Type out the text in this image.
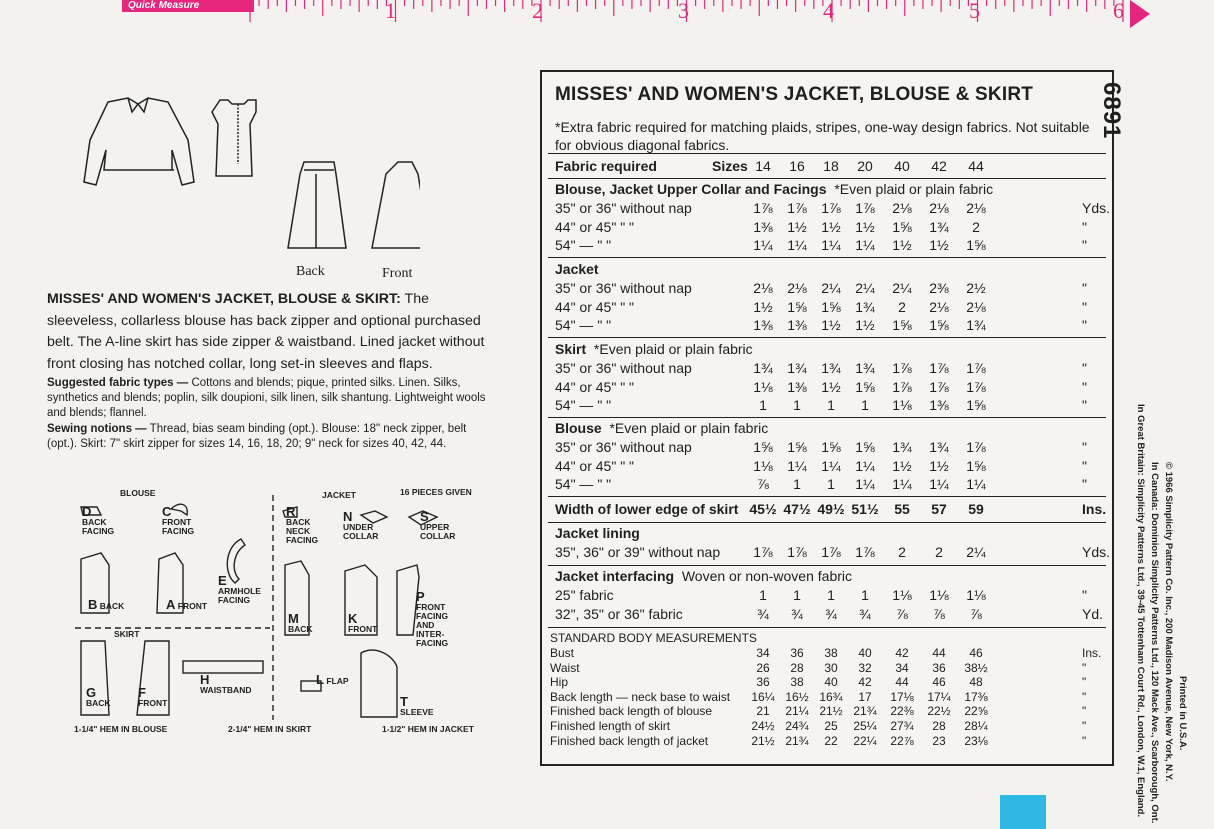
Quick Measure	1	2	3	4	5	6
Back	Front
MISSES' AND WOMEN'S JACKET, BLOUSE & SKIRT: The sleeveless, collarless blouse has back zipper and optional purchased belt. The A-line skirt has side zipper & waistband. Lined jacket without front closing has notched collar, long set-in sleeves and flaps.
Suggested fabric types — Cottons and blends; pique, printed silks. Linen. Silks, synthetics and blends; poplin, silk doupioni, silk linen, silk shantung. Lightweight wools and blends; flannel.
Sewing notions — Thread, bias seam binding (opt.). Blouse: 18" neck zipper, belt (opt.). Skirt: 7" skirt zipper for sizes 14, 16, 18, 20; 9" neck for sizes 40, 42, 44.
BLOUSE	JACKET	16 PIECES GIVEN
SKIRT
D
BACK FACING
C
FRONT FACING
E
ARMHOLE FACING
B BACK	A FRONT
R
BACK NECK FACING
N
UNDER COLLAR
S
UPPER COLLAR
M
BACK
K
FRONT
P
FRONT FACING AND INTER-FACING
G
BACK
F
FRONT
H
WAISTBAND
L FLAP
T
SLEEVE
1-1/4" HEM IN BLOUSE	2-1/4" HEM IN SKIRT	1-1/2" HEM IN JACKET
MISSES' AND WOMEN'S JACKET, BLOUSE & SKIRT
*Extra fabric required for matching plaids, stripes, one-way design fabrics. Not suitable for obvious diagonal fabrics.
Fabric required	Sizes 14	16	18	20	40	42	44
Blouse, Jacket Upper Collar and Facings *Even plaid or plain fabric
35" or 36" without nap	1⅞	1⅞	1⅞	1⅞	2⅛	2⅛	2⅛	Yds.
44" or 45" " "	1⅜	1½	1½	1½	1⅝	1¾	2	"
54" — " "	1¼	1¼	1¼	1¼	1½	1½	1⅝	"
Jacket
35" or 36" without nap	2⅛	2⅛	2¼	2¼	2¼	2⅜	2½	"
44" or 45" " "	1½	1⅝	1⅝	1¾	2	2⅛	2⅛	"
54" — " "	1⅜	1⅜	1½	1½	1⅝	1⅝	1¾	"
Skirt *Even plaid or plain fabric
35" or 36" without nap	1¾	1¾	1¾	1¾	1⅞	1⅞	1⅞	"
44" or 45" " "	1⅛	1⅜	1½	1⅝	1⅞	1⅞	1⅞	"
54" — " "	1	1	1	1	1⅛	1⅜	1⅝	"
Blouse *Even plaid or plain fabric
35" or 36" without nap	1⅝	1⅝	1⅝	1⅝	1¾	1¾	1⅞	"
44" or 45" " "	1⅛	1¼	1¼	1¼	1½	1½	1⅝	"
54" — " "	⅞	1	1	1¼	1¼	1¼	1¼	"
Width of lower edge of skirt 45½ 47½ 49½ 51½	55	57	59	Ins.
Jacket lining
35", 36" or 39" without nap	1⅞	1⅞	1⅞	1⅞	2	2	2¼	Yds.
Jacket interfacing Woven or non-woven fabric
25" fabric	1	1	1	1	1⅛	1⅛	1⅛	"
32", 35" or 36" fabric	¾	¾	¾	¾	⅞	⅞	⅞	Yd.
STANDARD BODY MEASUREMENTS
Bust	34	36	38	40	42	44	46	Ins.
Waist	26	28	30	32	34	36	38½	"
Hip	36	38	40	42	44	46	48	"
Back length — neck base to waist	16¼ 16½ 16¾	17	17⅛	17¼	17⅜	"
Finished back length of blouse	21	21¼ 21½ 21¾	22⅜	22½	22⅝	"
Finished length of skirt	24½ 24¾	25	25¼	27¾	28	28¼	"
Finished back length of jacket	21½ 21¾	22	22¼	22⅞	23	23⅛	"
6891
© 1966 Simplicity Pattern Co. Inc., 200 Madison Avenue, New York, N.Y.
In Canada: Dominion Simplicity Patterns Ltd., 120 Mack Ave., Scarborough, Ont.
In Great Britain: Simplicity Patterns Ltd., 39-45 Tottenham Court Rd., London, W.1, England.	Printed in U.S.A.
